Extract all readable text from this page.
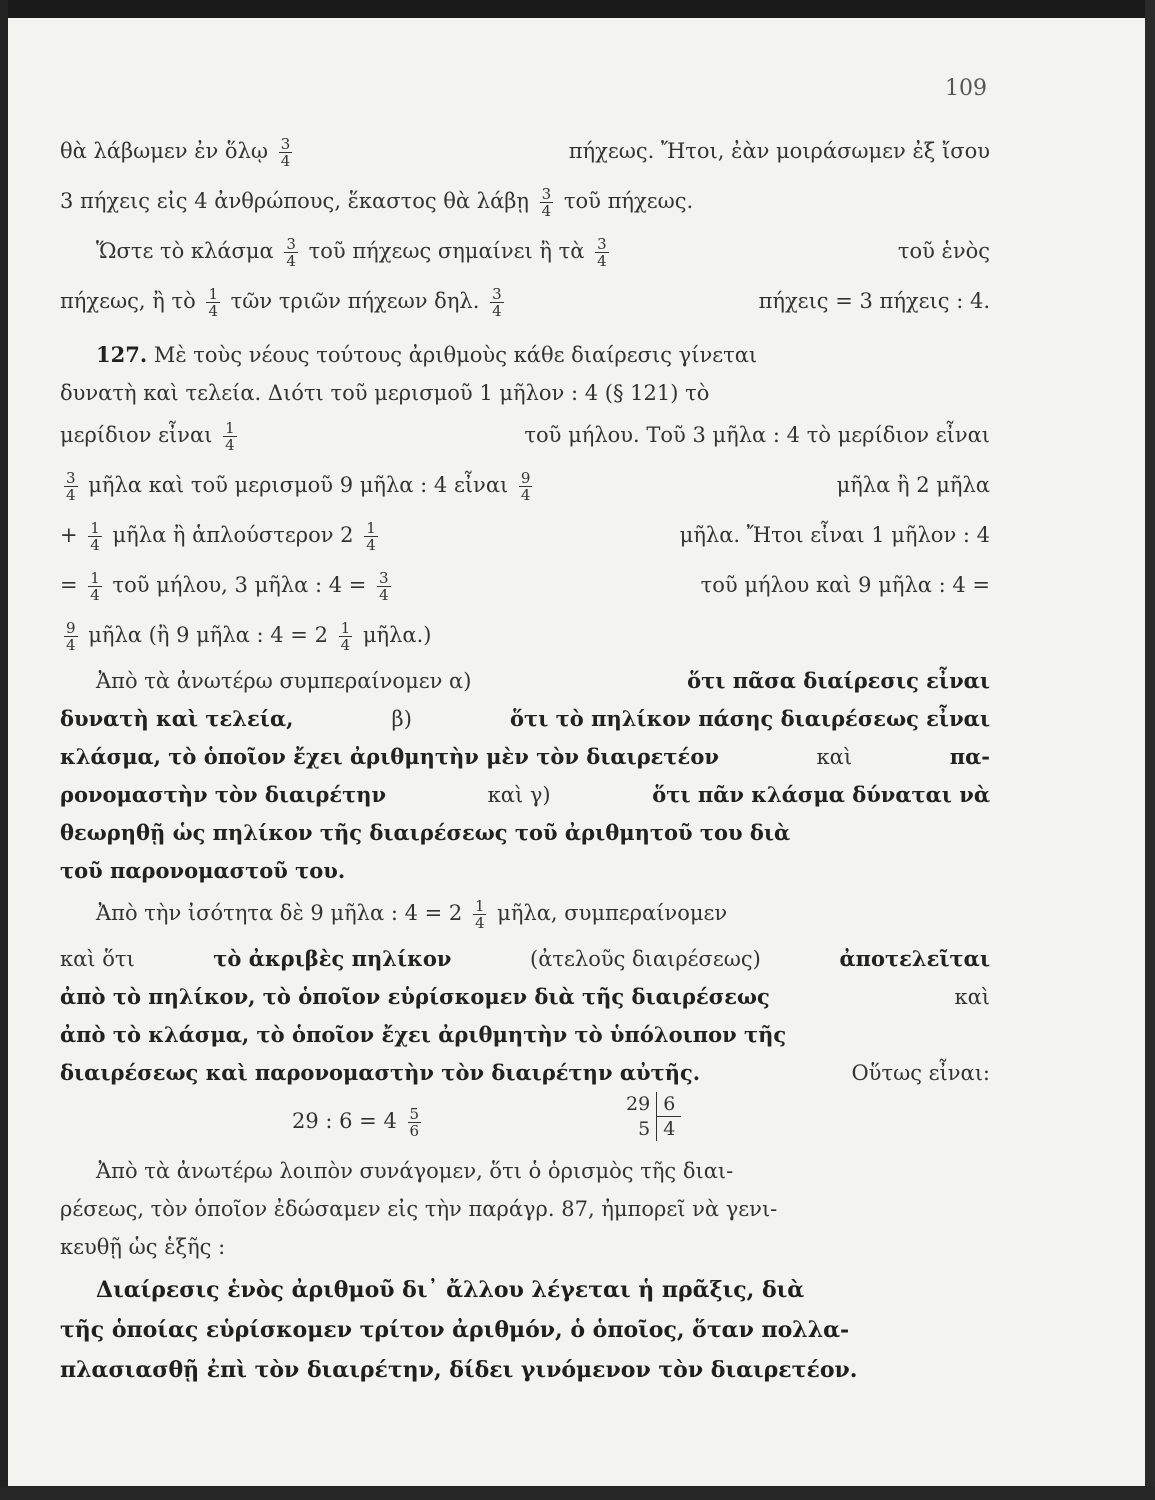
109
θὰ λάβωμεν ἐν ὅλῳ $\frac{3}{4}$	πήχεως. Ἤτοι, ἐὰν μοιράσωμεν ἐξ ἴσου
3 πήχεις εἰς 4 ἀνθρώπους, ἕκαστος θὰ λάβῃ $\frac{3}{4}$ τοῦ πήχεως.
Ὥστε τὸ κλάσμα $\frac{3}{4}$ τοῦ πήχεως σημαίνει ἢ τὰ $\frac{3}{4}$	τοῦ ἑνὸς
πήχεως, ἢ τὸ $\frac{1}{4}$ τῶν τριῶν πήχεων δηλ. $\frac{3}{4}$	πήχεις = 3 πήχεις : 4.
127. Μὲ τοὺς νέους τούτους ἀριθμοὺς κάθε διαίρεσις γίνεται
δυνατὴ καὶ τελεία. Διότι τοῦ μερισμοῦ 1 μῆλον : 4 (§ 121) τὸ
μερίδιον εἶναι $\frac{1}{4}$	τοῦ μήλου. Τοῦ 3 μῆλα : 4 τὸ μερίδιον εἶναι
$\frac{3}{4}$ μῆλα καὶ τοῦ μερισμοῦ 9 μῆλα : 4 εἶναι $\frac{9}{4}$	μῆλα ἢ 2 μῆλα
+ $\frac{1}{4}$ μῆλα ἢ ἁπλούστερον $2 \frac{1}{4}$	μῆλα. Ἤτοι εἶναι 1 μῆλον : 4
= $\frac{1}{4}$ τοῦ μήλου, 3 μῆλα : $4 = \frac{3}{4}$	τοῦ μήλου καὶ 9 μῆλα : 4 =
$\frac{9}{4}$ μῆλα (ἢ 9 μῆλα : $4 = 2 \frac{1}{4}$ μῆλα.)
Ἀπὸ τὰ ἀνωτέρω συμπεραίνομεν α)	ὅτι πᾶσα διαίρεσις εἶναι
δυνατὴ καὶ τελεία,	β)	ὅτι τὸ πηλίκον πάσης διαιρέσεως εἶναι
κλάσμα, τὸ ὁποῖον ἔχει ἀριθμητὴν μὲν τὸν διαιρετέον	καὶ	πα-
ρονομαστὴν τὸν διαιρέτην	καὶ γ)	ὅτι πᾶν κλάσμα δύναται νὰ
θεωρηθῇ ὡς πηλίκον τῆς διαιρέσεως τοῦ ἀριθμητοῦ του διὰ
τοῦ παρονομαστοῦ του.
Ἀπὸ τὴν ἰσότητα δὲ 9 μῆλα : $4 = 2 \frac{1}{4}$ μῆλα, συμπεραίνομεν
καὶ ὅτι	τὸ ἀκριβὲς πηλίκον	(ἀτελοῦς διαιρέσεως)	ἀποτελεῖται
ἀπὸ τὸ πηλίκον, τὸ ὁποῖον εὑρίσκομεν διὰ τῆς διαιρέσεως	καὶ
ἀπὸ τὸ κλάσμα, τὸ ὁποῖον ἔχει ἀριθμητὴν τὸ ὑπόλοιπον τῆς
διαιρέσεως καὶ παρονομαστὴν τὸν διαιρέτην αὐτῆς.	Οὕτως εἶναι:
29 : $6 = 4 \frac{5}{6}$
29 6
5 4
Ἀπὸ τὰ ἀνωτέρω λοιπὸν συνάγομεν, ὅτι ὁ ὁρισμὸς τῆς διαι-
ρέσεως, τὸν ὁποῖον ἐδώσαμεν εἰς τὴν παράγρ. 87, ἠμπορεῖ νὰ γενι-
κευθῇ ὡς ἑξῆς :
Διαίρεσις ἑνὸς ἀριθμοῦ δι᾽ ἄλλου λέγεται ἡ πρᾶξις, διὰ
τῆς ὁποίας εὑρίσκομεν τρίτον ἀριθμόν, ὁ ὁποῖος, ὅταν πολλα-
πλασιασθῇ ἐπὶ τὸν διαιρέτην, δίδει γινόμενον τὸν διαιρετέον.
